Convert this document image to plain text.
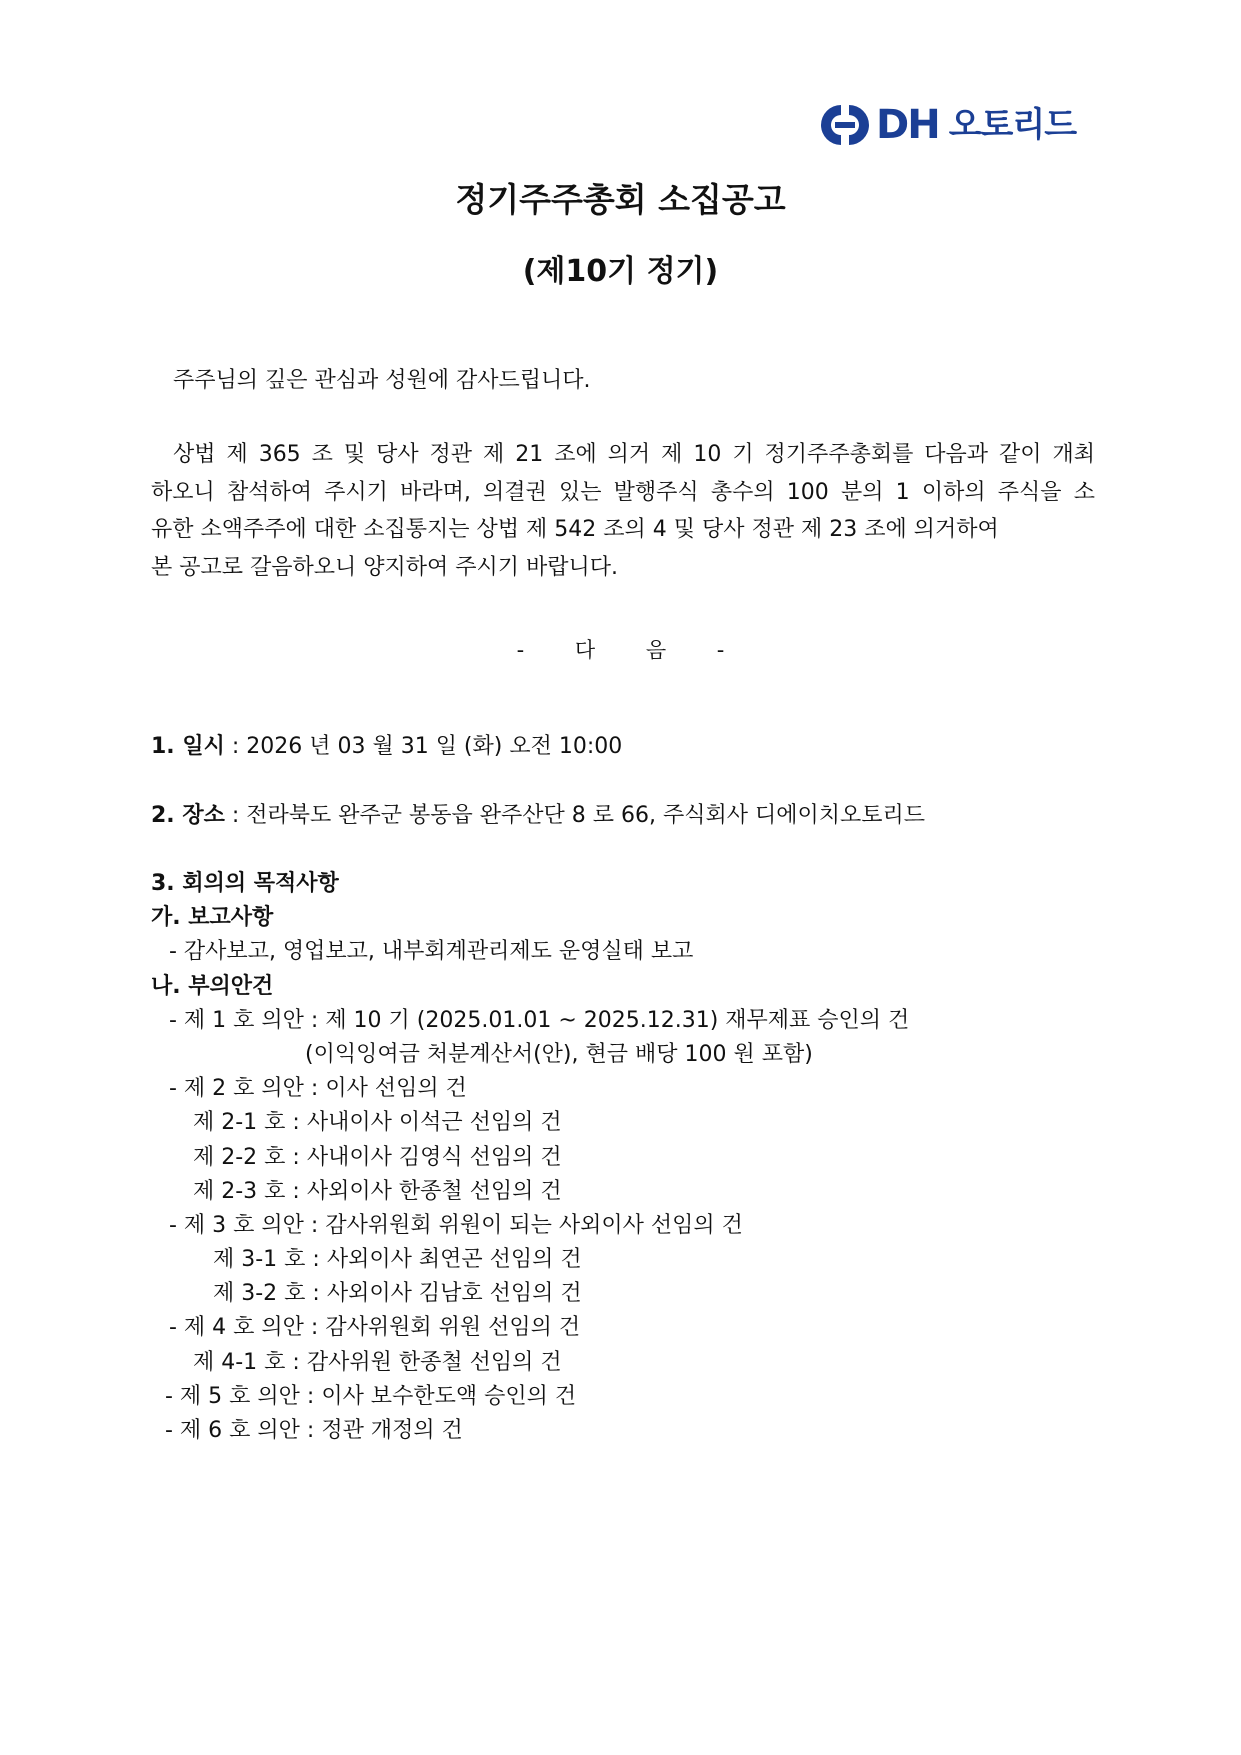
DH 오토리드
정기주주총회 소집공고
(제10기 정기)

주주님의 깊은 관심과 성원에 감사드립니다.

상법 제 365 조 및 당사 정관 제 21 조에 의거 제 10 기 정기주주총회를 다음과 같이 개최
하오니 참석하여 주시기 바라며, 의결권 있는 발행주식 총수의 100 분의 1 이하의 주식을 소
유한 소액주주에 대한 소집통지는 상법 제 542 조의 4 및 당사 정관 제 23 조에 의거하여
본 공고로 갈음하오니 양지하여 주시기 바랍니다.

- 다 음 -

1. 일시 : 2026 년 03 월 31 일 (화) 오전 10:00

2. 장소 : 전라북도 완주군 봉동읍 완주산단 8 로 66, 주식회사 디에이치오토리드

3. 회의의 목적사항
가. 보고사항
- 감사보고, 영업보고, 내부회계관리제도 운영실태 보고
나. 부의안건
- 제 1 호 의안 : 제 10 기 (2025.01.01 ~ 2025.12.31) 재무제표 승인의 건
(이익잉여금 처분계산서(안), 현금 배당 100 원 포함)
- 제 2 호 의안 : 이사 선임의 건
제 2-1 호 : 사내이사 이석근 선임의 건
제 2-2 호 : 사내이사 김영식 선임의 건
제 2-3 호 : 사외이사 한종철 선임의 건
- 제 3 호 의안 : 감사위원회 위원이 되는 사외이사 선임의 건
제 3-1 호 : 사외이사 최연곤 선임의 건
제 3-2 호 : 사외이사 김남호 선임의 건
- 제 4 호 의안 : 감사위원회 위원 선임의 건
제 4-1 호 : 감사위원 한종철 선임의 건
- 제 5 호 의안 : 이사 보수한도액 승인의 건
- 제 6 호 의안 : 정관 개정의 건
